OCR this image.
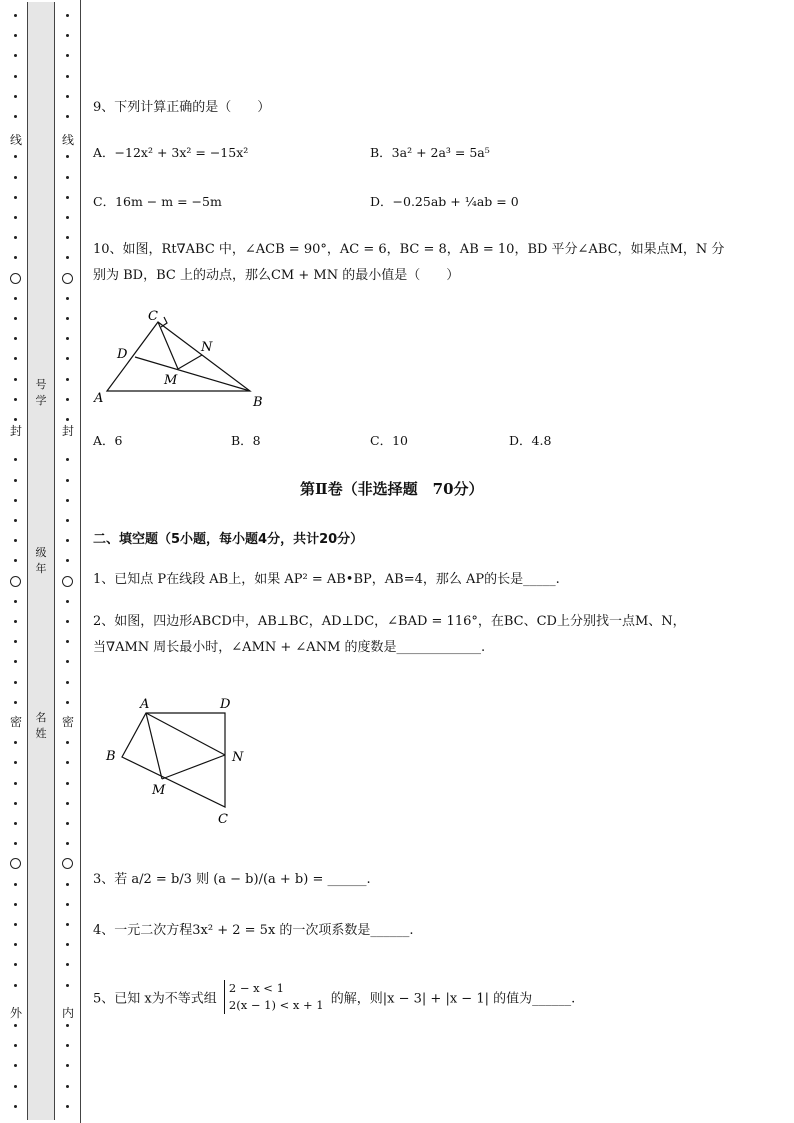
线
封
密
外
线
封
密
内
号学
级年
名姓
9、下列计算正确的是（　　）
A．−12x² + 3x² = −15x²	B．3a² + 2a³ = 5a⁵
C．16m − m = −5m	D．−0.25ab + ¼ab = 0
10、如图，Rt∇ABC 中，∠ACB = 90°，AC = 6，BC = 8，AB = 10，BD 平分∠ABC，如果点M，N 分
别为 BD，BC 上的动点，那么CM + MN 的最小值是（　　）
C
D	N
M
A	B
A．6	B．8	C．10	D．4.8
第Ⅱ卷（非选择题　70分）
二、填空题（5小题，每小题4分，共计20分）
1、已知点 P在线段 AB上，如果 AP² = AB•BP，AB=4，那么 AP的长是_____.
2、如图，四边形ABCD中，AB⊥BC，AD⊥DC，∠BAD = 116°，在BC、CD上分别找一点M、N，
当∇AMN 周长最小时，∠AMN + ∠ANM 的度数是_____________.
A	D
B	N
M
C
3、若 a/2 = b/3 则 (a − b)/(a + b) = ______.
4、一元二次方程3x² + 2 = 5x 的一次项系数是______.
5、已知 x为不等式组
2 − x < 1
2(x − 1) < x + 1 的解，则|x − 3| + |x − 1| 的值为______.
